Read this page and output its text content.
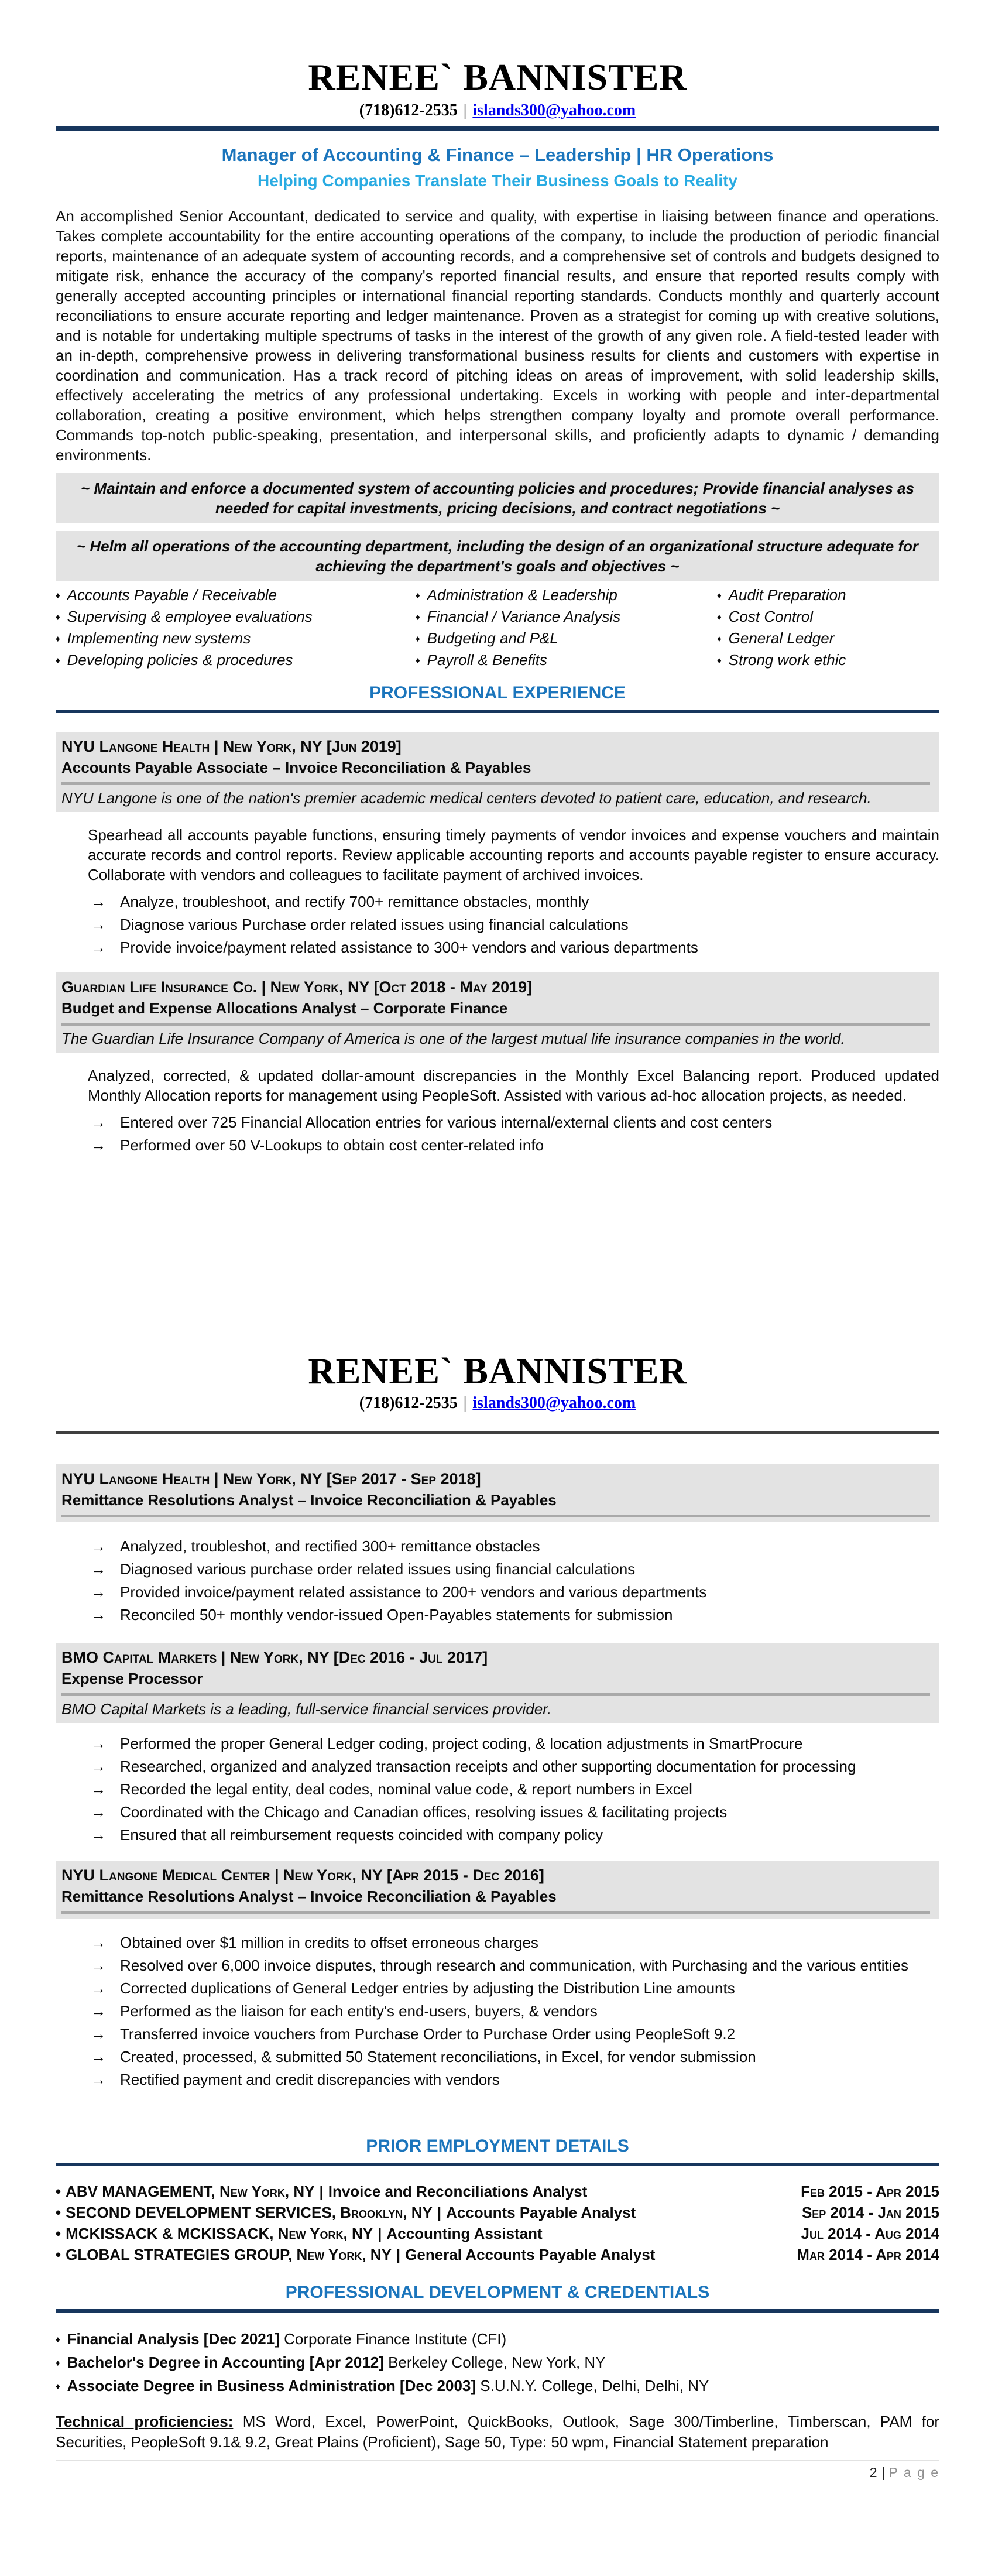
RENEE` BANNISTER
(718)612-2535 | islands300@yahoo.com
Manager of Accounting & Finance – Leadership | HR Operations
Helping Companies Translate Their Business Goals to Reality
An accomplished Senior Accountant, dedicated to service and quality, with expertise in liaising between finance and operations. Takes complete accountability for the entire accounting operations of the company, to include the production of periodic financial reports, maintenance of an adequate system of accounting records, and a comprehensive set of controls and budgets designed to mitigate risk, enhance the accuracy of the company's reported financial results, and ensure that reported results comply with generally accepted accounting principles or international financial reporting standards. Conducts monthly and quarterly account reconciliations to ensure accurate reporting and ledger maintenance. Proven as a strategist for coming up with creative solutions, and is notable for undertaking multiple spectrums of tasks in the interest of the growth of any given role. A field-tested leader with an in-depth, comprehensive prowess in delivering transformational business results for clients and customers with expertise in coordination and communication. Has a track record of pitching ideas on areas of improvement, with solid leadership skills, effectively accelerating the metrics of any professional undertaking. Excels in working with people and inter-departmental collaboration, creating a positive environment, which helps strengthen company loyalty and promote overall performance. Commands top-notch public-speaking, presentation, and interpersonal skills, and proficiently adapts to dynamic / demanding environments.
~ Maintain and enforce a documented system of accounting policies and procedures; Provide financial analyses as needed for capital investments, pricing decisions, and contract negotiations ~
~ Helm all operations of the accounting department, including the design of an organizational structure adequate for achieving the department's goals and objectives ~
♦ Accounts Payable / Receivable
♦ Supervising & employee evaluations
♦ Implementing new systems
♦ Developing policies & procedures
♦ Administration & Leadership
♦ Financial / Variance Analysis
♦ Budgeting and P&L
♦ Payroll & Benefits
♦ Audit Preparation
♦ Cost Control
♦ General Ledger
♦ Strong work ethic
PROFESSIONAL EXPERIENCE
NYU Langone Health | New York, NY [Jun 2019]
Accounts Payable Associate – Invoice Reconciliation & Payables
NYU Langone is one of the nation's premier academic medical centers devoted to patient care, education, and research.
Spearhead all accounts payable functions, ensuring timely payments of vendor invoices and expense vouchers and maintain accurate records and control reports. Review applicable accounting reports and accounts payable register to ensure accuracy. Collaborate with vendors and colleagues to facilitate payment of archived invoices.
→ Analyze, troubleshoot, and rectify 700+ remittance obstacles, monthly
→ Diagnose various Purchase order related issues using financial calculations
→ Provide invoice/payment related assistance to 300+ vendors and various departments
Guardian Life Insurance Co. | New York, NY [Oct 2018 - May 2019]
Budget and Expense Allocations Analyst – Corporate Finance
The Guardian Life Insurance Company of America is one of the largest mutual life insurance companies in the world.
Analyzed, corrected, & updated dollar-amount discrepancies in the Monthly Excel Balancing report. Produced updated Monthly Allocation reports for management using PeopleSoft. Assisted with various ad-hoc allocation projects, as needed.
→ Entered over 725 Financial Allocation entries for various internal/external clients and cost centers
→ Performed over 50 V-Lookups to obtain cost center-related info
RENEE` BANNISTER
(718)612-2535 | islands300@yahoo.com
NYU Langone Health | New York, NY [Sep 2017 - Sep 2018]
Remittance Resolutions Analyst – Invoice Reconciliation & Payables
→ Analyzed, troubleshot, and rectified 300+ remittance obstacles
→ Diagnosed various purchase order related issues using financial calculations
→ Provided invoice/payment related assistance to 200+ vendors and various departments
→ Reconciled 50+ monthly vendor-issued Open-Payables statements for submission
BMO Capital Markets | New York, NY [Dec 2016 - Jul 2017]
Expense Processor
BMO Capital Markets is a leading, full-service financial services provider.
→ Performed the proper General Ledger coding, project coding, & location adjustments in SmartProcure
→ Researched, organized and analyzed transaction receipts and other supporting documentation for processing
→ Recorded the legal entity, deal codes, nominal value code, & report numbers in Excel
→ Coordinated with the Chicago and Canadian offices, resolving issues & facilitating projects
→ Ensured that all reimbursement requests coincided with company policy
NYU Langone Medical Center | New York, NY [Apr 2015 - Dec 2016]
Remittance Resolutions Analyst – Invoice Reconciliation & Payables
→ Obtained over $1 million in credits to offset erroneous charges
→ Resolved over 6,000 invoice disputes, through research and communication, with Purchasing and the various entities
→ Corrected duplications of General Ledger entries by adjusting the Distribution Line amounts
→ Performed as the liaison for each entity's end-users, buyers, & vendors
→ Transferred invoice vouchers from Purchase Order to Purchase Order using PeopleSoft 9.2
→ Created, processed, & submitted 50 Statement reconciliations, in Excel, for vendor submission
→ Rectified payment and credit discrepancies with vendors
PRIOR EMPLOYMENT DETAILS
• ABV MANAGEMENT, New York, NY | Invoice and Reconciliations Analyst	Feb 2015 - Apr 2015
• SECOND DEVELOPMENT SERVICES, Brooklyn, NY | Accounts Payable Analyst	Sep 2014 - Jan 2015
• MCKISSACK & MCKISSACK, New York, NY | Accounting Assistant	Jul 2014 - Aug 2014
• GLOBAL STRATEGIES GROUP, New York, NY | General Accounts Payable Analyst	Mar 2014 - Apr 2014
PROFESSIONAL DEVELOPMENT & CREDENTIALS
♦ Financial Analysis [Dec 2021] Corporate Finance Institute (CFI)
♦ Bachelor's Degree in Accounting [Apr 2012] Berkeley College, New York, NY
♦ Associate Degree in Business Administration [Dec 2003] S.U.N.Y. College, Delhi, Delhi, NY
Technical proficiencies: MS Word, Excel, PowerPoint, QuickBooks, Outlook, Sage 300/Timberline, Timberscan, PAM for Securities, PeopleSoft 9.1& 9.2, Great Plains (Proficient), Sage 50, Type: 50 wpm, Financial Statement preparation
2 | P a g e
